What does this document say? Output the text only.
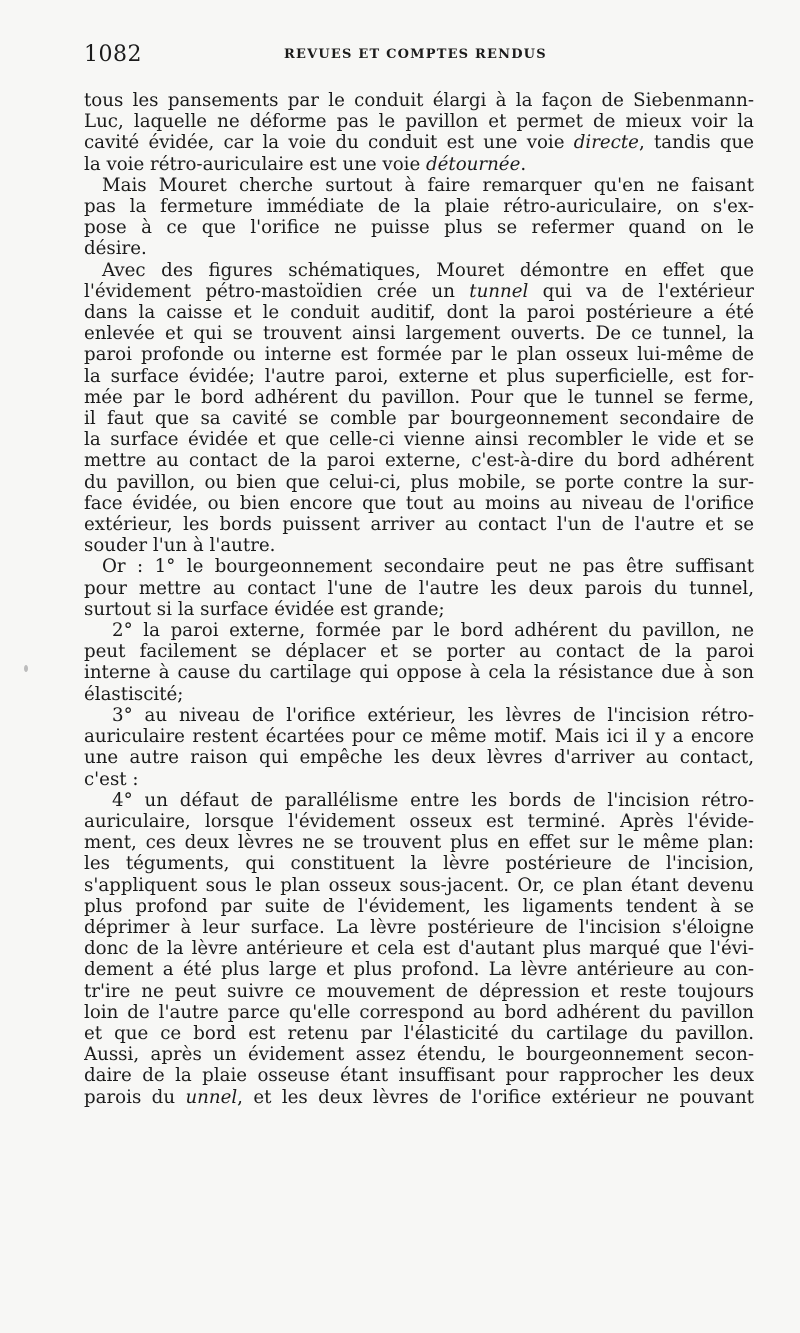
1082	REVUES ET COMPTES RENDUS
tous les pansements par le conduit élargi à la façon de Siebenmann-
Luc, laquelle ne déforme pas le pavillon et permet de mieux voir la
cavité évidée, car la voie du conduit est une voie directe, tandis que
la voie rétro-auriculaire est une voie détournée.
Mais Mouret cherche surtout à faire remarquer qu'en ne faisant
pas la fermeture immédiate de la plaie rétro-auriculaire, on s'ex-
pose à ce que l'orifice ne puisse plus se refermer quand on le
désire.
Avec des figures schématiques, Mouret démontre en effet que
l'évidement pétro-mastoïdien crée un tunnel qui va de l'extérieur
dans la caisse et le conduit auditif, dont la paroi postérieure a été
enlevée et qui se trouvent ainsi largement ouverts. De ce tunnel, la
paroi profonde ou interne est formée par le plan osseux lui-même de
la surface évidée; l'autre paroi, externe et plus superficielle, est for-
mée par le bord adhérent du pavillon. Pour que le tunnel se ferme,
il faut que sa cavité se comble par bourgeonnement secondaire de
la surface évidée et que celle-ci vienne ainsi recombler le vide et se
mettre au contact de la paroi externe, c'est-à-dire du bord adhérent
du pavillon, ou bien que celui-ci, plus mobile, se porte contre la sur-
face évidée, ou bien encore que tout au moins au niveau de l'orifice
extérieur, les bords puissent arriver au contact l'un de l'autre et se
souder l'un à l'autre.
Or : 1° le bourgeonnement secondaire peut ne pas être suffisant
pour mettre au contact l'une de l'autre les deux parois du tunnel,
surtout si la surface évidée est grande;
2° la paroi externe, formée par le bord adhérent du pavillon, ne
peut facilement se déplacer et se porter au contact de la paroi
interne à cause du cartilage qui oppose à cela la résistance due à son
élastiscité;
3° au niveau de l'orifice extérieur, les lèvres de l'incision rétro-
auriculaire restent écartées pour ce même motif. Mais ici il y a encore
une autre raison qui empêche les deux lèvres d'arriver au contact,
c'est :
4° un défaut de parallélisme entre les bords de l'incision rétro-
auriculaire, lorsque l'évidement osseux est terminé. Après l'évide-
ment, ces deux lèvres ne se trouvent plus en effet sur le même plan:
les téguments, qui constituent la lèvre postérieure de l'incision,
s'appliquent sous le plan osseux sous-jacent. Or, ce plan étant devenu
plus profond par suite de l'évidement, les ligaments tendent à se
déprimer à leur surface. La lèvre postérieure de l'incision s'éloigne
donc de la lèvre antérieure et cela est d'autant plus marqué que l'évi-
dement a été plus large et plus profond. La lèvre antérieure au con-
tr'ire ne peut suivre ce mouvement de dépression et reste toujours
loin de l'autre parce qu'elle correspond au bord adhérent du pavillon
et que ce bord est retenu par l'élasticité du cartilage du pavillon.
Aussi, après un évidement assez étendu, le bourgeonnement secon-
daire de la plaie osseuse étant insuffisant pour rapprocher les deux
parois du unnel, et les deux lèvres de l'orifice extérieur ne pouvant
